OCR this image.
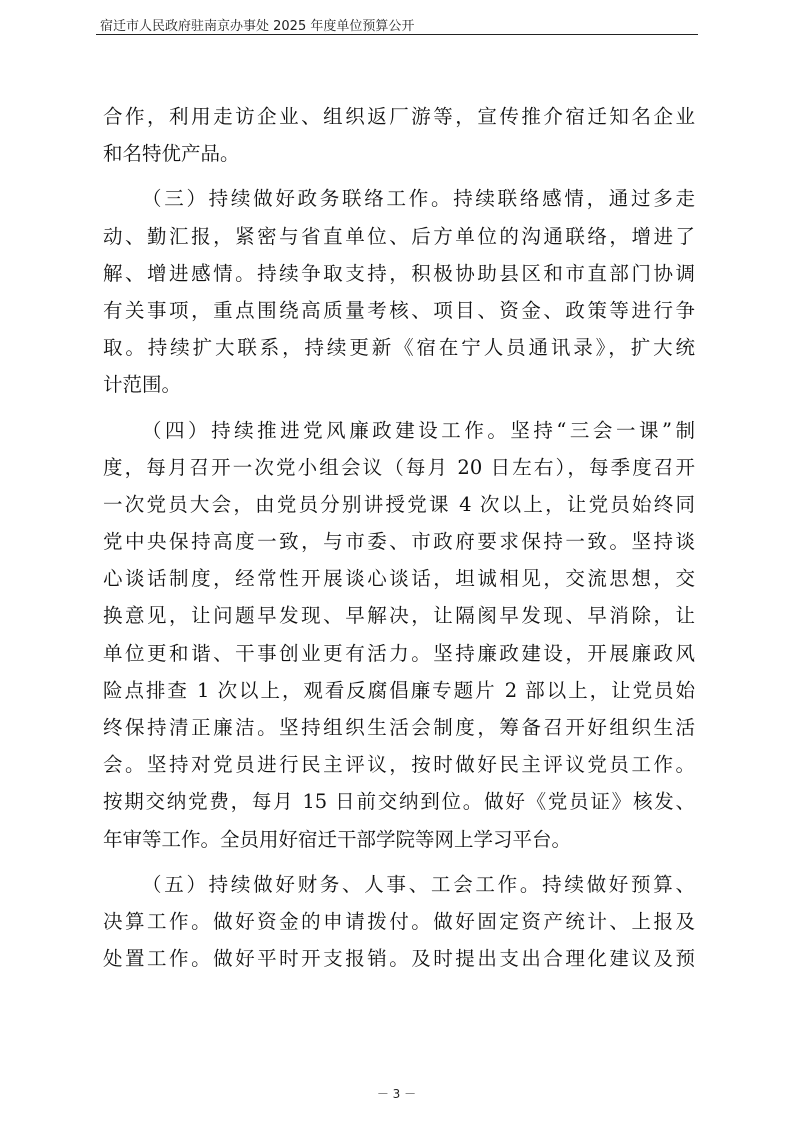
宿迁市人民政府驻南京办事处 2025 年度单位预算公开
合作，利用走访企业、组织返厂游等，宣传推介宿迁知名企业
和名特优产品。
（三）持续做好政务联络工作。持续联络感情，通过多走
动、勤汇报，紧密与省直单位、后方单位的沟通联络，增进了
解、增进感情。持续争取支持，积极协助县区和市直部门协调
有关事项，重点围绕高质量考核、项目、资金、政策等进行争
取。持续扩大联系，持续更新《宿在宁人员通讯录》，扩大统
计范围。
（四）持续推进党风廉政建设工作。坚持“三会一课”制
度，每月召开一次党小组会议（每月 20 日左右），每季度召开
一次党员大会，由党员分别讲授党课 4 次以上，让党员始终同
党中央保持高度一致，与市委、市政府要求保持一致。坚持谈
心谈话制度，经常性开展谈心谈话，坦诚相见，交流思想，交
换意见，让问题早发现、早解决，让隔阂早发现、早消除，让
单位更和谐、干事创业更有活力。坚持廉政建设，开展廉政风
险点排查 1 次以上，观看反腐倡廉专题片 2 部以上，让党员始
终保持清正廉洁。坚持组织生活会制度，筹备召开好组织生活
会。坚持对党员进行民主评议，按时做好民主评议党员工作。
按期交纳党费，每月 15 日前交纳到位。做好《党员证》核发、
年审等工作。全员用好宿迁干部学院等网上学习平台。
（五）持续做好财务、人事、工会工作。持续做好预算、
决算工作。做好资金的申请拨付。做好固定资产统计、上报及
处置工作。做好平时开支报销。及时提出支出合理化建议及预
－ 3 －
